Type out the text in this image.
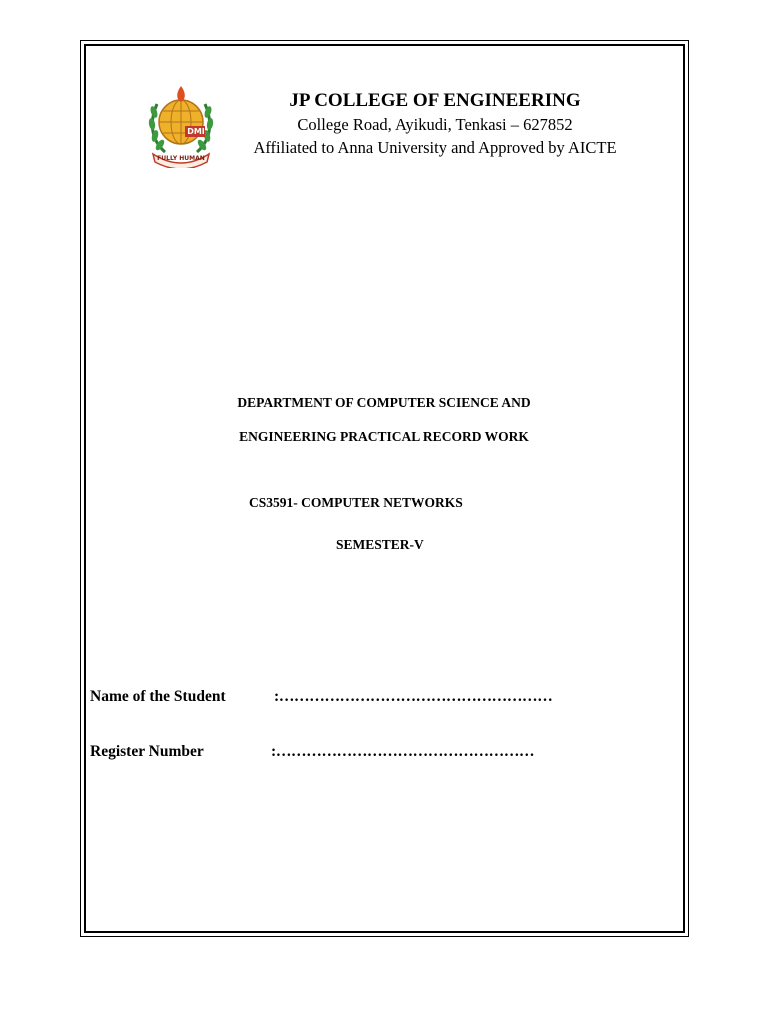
DMI
FULLY HUMAN
JP COLLEGE OF ENGINEERING
College Road, Ayikudi, Tenkasi – 627852
Affiliated to Anna University and Approved by AICTE
DEPARTMENT OF COMPUTER SCIENCE AND
ENGINEERING PRACTICAL RECORD WORK
CS3591- COMPUTER NETWORKS
SEMESTER-V
Name of the Student	:………………………………………………
Register Number	:……………………………………………
